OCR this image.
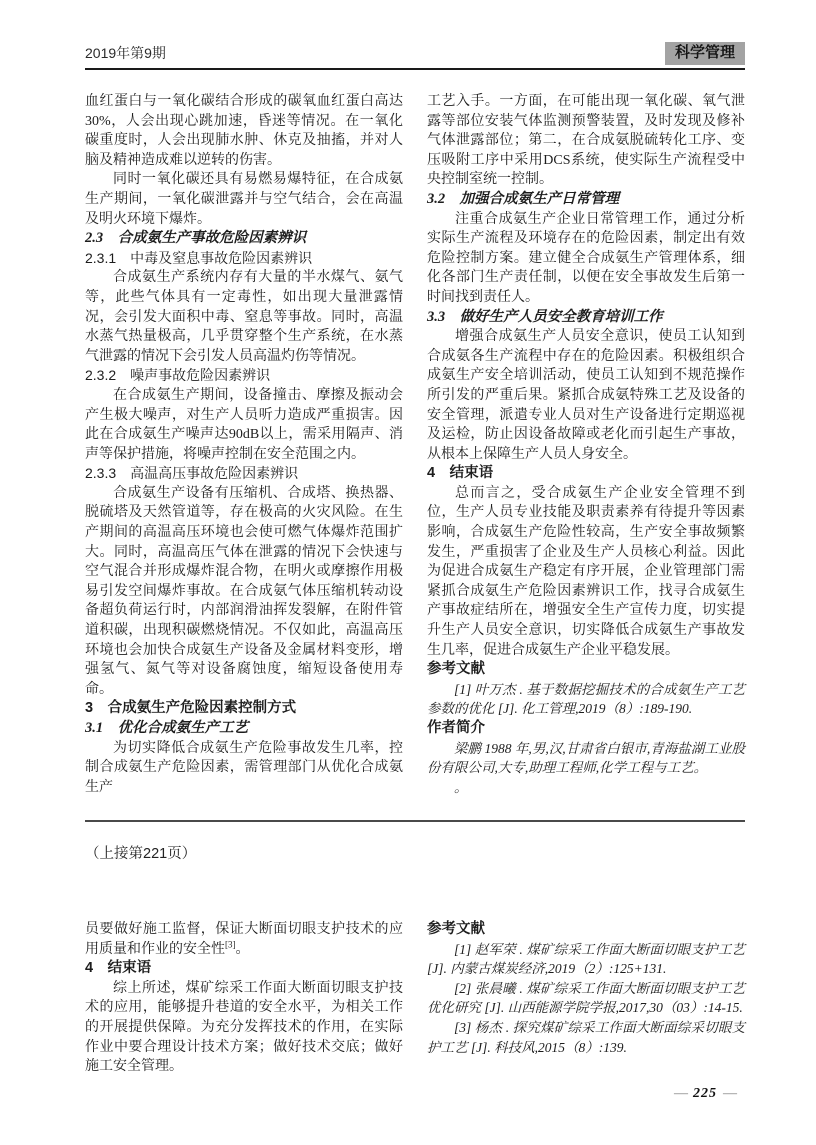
2019年第9期	科学管理
血红蛋白与一氧化碳结合形成的碳氧血红蛋白高达30%，人会出现心跳加速，昏迷等情况。在一氧化碳重度时，人会出现肺水肿、休克及抽搐，并对人脑及精神造成难以逆转的伤害。
同时一氧化碳还具有易燃易爆特征，在合成氨生产期间，一氧化碳泄露并与空气结合，会在高温及明火环境下爆炸。
2.3　合成氨生产事故危险因素辨识
2.3.1　中毒及窒息事故危险因素辨识
合成氨生产系统内存有大量的半水煤气、氨气等，此些气体具有一定毒性，如出现大量泄露情况，会引发大面积中毒、窒息等事故。同时，高温水蒸气热量极高，几乎贯穿整个生产系统，在水蒸气泄露的情况下会引发人员高温灼伤等情况。
2.3.2　噪声事故危险因素辨识
在合成氨生产期间，设备撞击、摩擦及振动会产生极大噪声，对生产人员听力造成严重损害。因此在合成氨生产噪声达90dB以上，需采用隔声、消声等保护措施，将噪声控制在安全范围之内。
2.3.3　高温高压事故危险因素辨识
合成氨生产设备有压缩机、合成塔、换热器、脱硫塔及天然管道等，存在极高的火灾风险。在生产期间的高温高压环境也会使可燃气体爆炸范围扩大。同时，高温高压气体在泄露的情况下会快速与空气混合并形成爆炸混合物，在明火或摩擦作用极易引发空间爆炸事故。在合成氨气体压缩机转动设备超负荷运行时，内部润滑油挥发裂解，在附件管道积碳，出现积碳燃烧情况。不仅如此，高温高压环境也会加快合成氨生产设备及金属材料变形，增强氢气、氮气等对设备腐蚀度，缩短设备使用寿命。
3　合成氨生产危险因素控制方式
3.1　优化合成氨生产工艺
为切实降低合成氨生产危险事故发生几率，控制合成氨生产危险因素，需管理部门从优化合成氨生产
工艺入手。一方面，在可能出现一氧化碳、氧气泄露等部位安装气体监测预警装置，及时发现及修补气体泄露部位；第二，在合成氨脱硫转化工序、变压吸附工序中采用DCS系统，使实际生产流程受中央控制室统一控制。
3.2　加强合成氨生产日常管理
注重合成氨生产企业日常管理工作，通过分析实际生产流程及环境存在的危险因素，制定出有效危险控制方案。建立健全合成氨生产管理体系，细化各部门生产责任制，以便在安全事故发生后第一时间找到责任人。
3.3　做好生产人员安全教育培训工作
增强合成氨生产人员安全意识，使员工认知到合成氨各生产流程中存在的危险因素。积极组织合成氨生产安全培训活动，使员工认知到不规范操作所引发的严重后果。紧抓合成氨特殊工艺及设备的安全管理，派遣专业人员对生产设备进行定期巡视及运检，防止因设备故障或老化而引起生产事故，从根本上保障生产人员人身安全。
4　结束语
总而言之，受合成氨生产企业安全管理不到位，生产人员专业技能及职责素养有待提升等因素影响，合成氨生产危险性较高，生产安全事故频繁发生，严重损害了企业及生产人员核心利益。因此为促进合成氨生产稳定有序开展，企业管理部门需紧抓合成氨生产危险因素辨识工作，找寻合成氨生产事故症结所在，增强安全生产宣传力度，切实提升生产人员安全意识，切实降低合成氨生产事故发生几率，促进合成氨生产企业平稳发展。
参考文献
[1] 叶万杰 . 基于数据挖掘技术的合成氨生产工艺参数的优化 [J]. 化工管理,2019（8）:189-190.
作者简介
梁鹏 1988 年,男,汉,甘肃省白银市,青海盐湖工业股份有限公司,大专,助理工程师,化学工程与工艺。
。
（上接第221页）
员要做好施工监督，保证大断面切眼支护技术的应用质量和作业的安全性[3]。
4　结束语
综上所述，煤矿综采工作面大断面切眼支护技术的应用，能够提升巷道的安全水平，为相关工作的开展提供保障。为充分发挥技术的作用，在实际作业中要合理设计技术方案；做好技术交底；做好施工安全管理。
参考文献
[1] 赵军荣 . 煤矿综采工作面大断面切眼支护工艺 [J]. 内蒙古煤炭经济,2019（2）:125+131.
[2] 张晨曦 . 煤矿综采工作面大断面切眼支护工艺优化研究 [J]. 山西能源学院学报,2017,30（03）:14-15.
[3] 杨杰 . 探究煤矿综采工作面大断面综采切眼支护工艺 [J]. 科技风,2015（8）:139.
— 225 —
